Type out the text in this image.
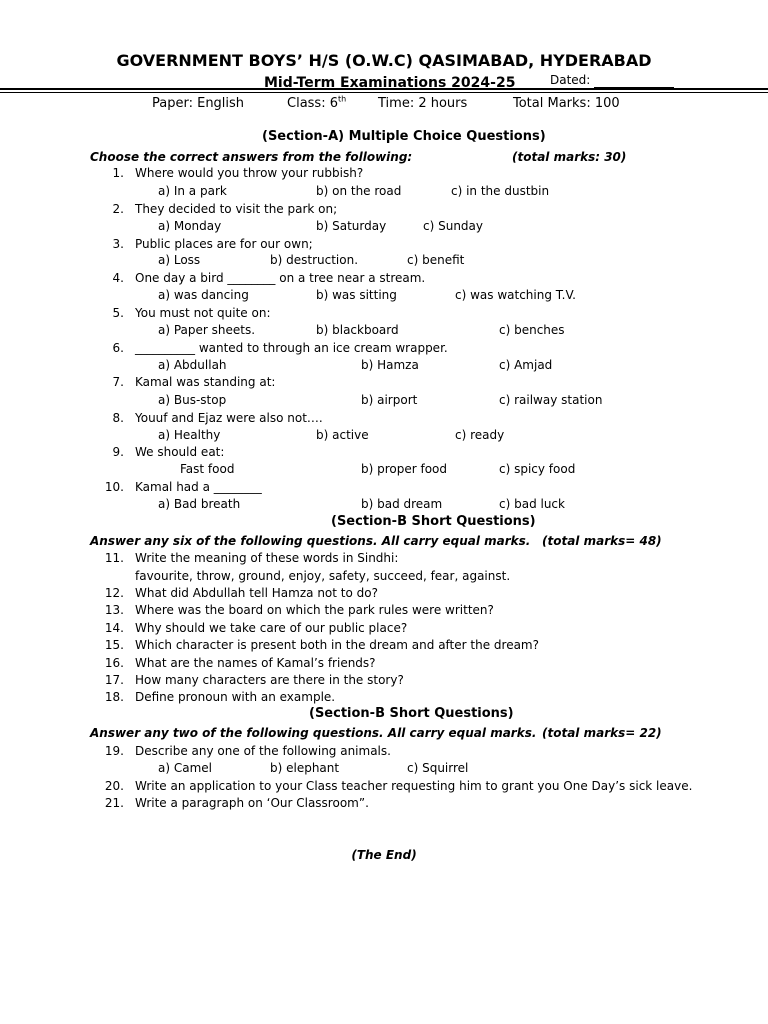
GOVERNMENT BOYS’ H/S (O.W.C) QASIMABAD, HYDERABAD
Mid-Term Examinations 2024-25	Dated:
Paper: English	Class: 6th Time: 2 hours	Total Marks: 100
(Section-A) Multiple Choice Questions)
Choose the correct answers from the following:	(total marks: 30)
1. Where would you throw your rubbish?
a) In a park	b) on the road	c) in the dustbin
2. They decided to visit the park on;
a) Monday	b) Saturday	c) Sunday
3. Public places are for our own;
a) Loss	b) destruction.	c) benefit
4. One day a bird ________ on a tree near a stream.
a) was dancing	b) was sitting	c) was watching T.V.
5. You must not quite on:
a) Paper sheets.	b) blackboard	c) benches
6. __________ wanted to through an ice cream wrapper.
a) Abdullah	b) Hamza	c) Amjad
7. Kamal was standing at:
a) Bus-stop	b) airport	c) railway station
8. Youuf and Ejaz were also not….
a) Healthy	b) active	c) ready
9. We should eat:
Fast food	b) proper food	c) spicy food
10. Kamal had a ________
a) Bad breath	b) bad dream	c) bad luck
(Section-B Short Questions)
Answer any six of the following questions. All carry equal marks. (total marks= 48)
11. Write the meaning of these words in Sindhi:
favourite, throw, ground, enjoy, safety, succeed, fear, against.
12. What did Abdullah tell Hamza not to do?
13. Where was the board on which the park rules were written?
14. Why should we take care of our public place?
15. Which character is present both in the dream and after the dream?
16. What are the names of Kamal’s friends?
17. How many characters are there in the story?
18. Define pronoun with an example.
(Section-B Short Questions)
Answer any two of the following questions. All carry equal marks. (total marks= 22)
19. Describe any one of the following animals.
a) Camel	b) elephant	c) Squirrel
20. Write an application to your Class teacher requesting him to grant you One Day’s sick leave.
21. Write a paragraph on ‘Our Classroom”.
(The End)
